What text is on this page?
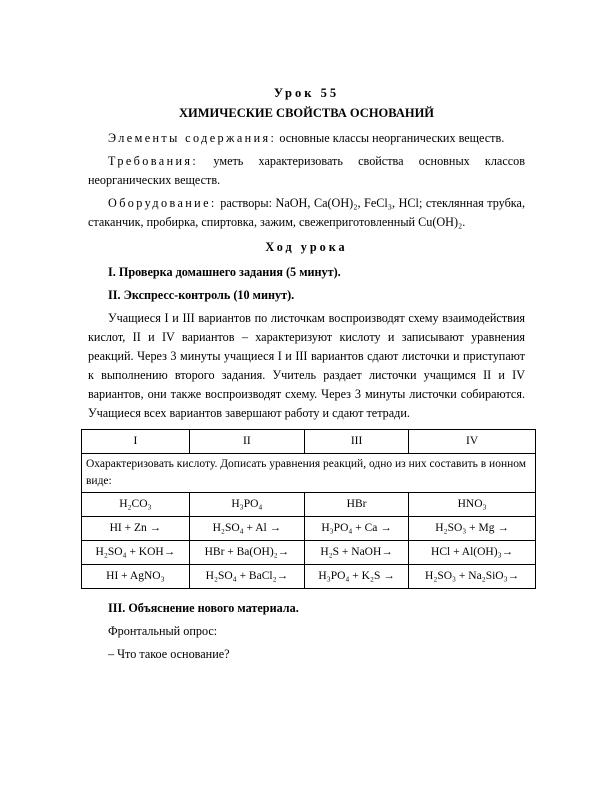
Урок 55
ХИМИЧЕСКИЕ СВОЙСТВА ОСНОВАНИЙ

Элементы содержания: основные классы неорганических веществ.

Требования: уметь характеризовать свойства основных классов неорганических веществ.

Оборудование: растворы: NaOH, Ca(OH)₂, FeCl₃, HCl; стеклянная трубка, стаканчик, пробирка, спиртовка, зажим, свежеприготовленный Cu(OH)₂.

Ход урока
I. Проверка домашнего задания (5 минут).
II. Экспресс-контроль (10 минут).

Учащиеся I и III вариантов по листочкам воспроизводят схему взаимодействия кислот, II и IV вариантов – характеризуют кислоту и записывают уравнения реакций. Через 3 минуты учащиеся I и III вариантов сдают листочки и приступают к выполнению второго задания. Учитель раздает листочки учащимся II и IV вариантов, они также воспроизводят схему. Через 3 минуты листочки собираются. Учащиеся всех вариантов завершают работу и сдают тетради.

I	II	III	IV
Охарактеризовать кислоту. Дописать уравнения реакций, одно из них составить в ионном виде:			
H₂CO₃	H₃PO₄	HBr	HNO₃
HI + Zn →	H₂SO₄ + Al →	H₃PO₄ + Ca →	H₂SO₃ + Mg →
H₂SO₄ + KOH→	HBr + Ba(OH)₂→	H₂S + NaOH→	HCl + Al(OH)₃→
HI + AgNO₃	H₂SO₄ + BaCl₂→	H₃PO₄ + K₂S →	H₂SO₃ + Na₂SiO₃→
III. Объяснение нового материала.
Фронтальный опрос:
– Что такое основание?
